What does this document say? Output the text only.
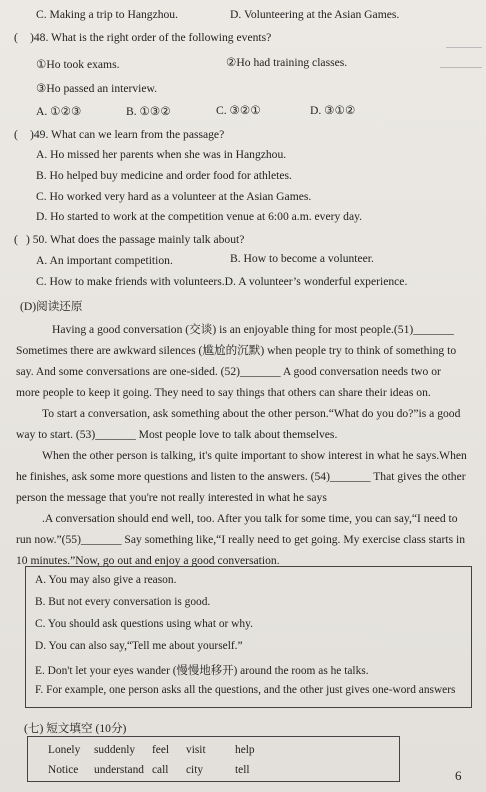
C. Making a trip to Hangzhou.	D. Volunteering at the Asian Games.
( )48. What is the right order of the following events?
①Ho took exams.	②Ho had training classes.
③Ho passed an interview.
A. ①②③	B. ①③②	C. ③②①	D. ③①②
( )49. What can we learn from the passage?
A. Ho missed her parents when she was in Hangzhou.
B. Ho helped buy medicine and order food for athletes.
C. Ho worked very hard as a volunteer at the Asian Games.
D. Ho started to work at the competition venue at 6:00 a.m. every day.
( ) 50. What does the passage mainly talk about?
A. An important competition.	B. How to become a volunteer.
C. How to make friends with volunteers.D. A volunteer’s wonderful experience.
(D)阅读还原
Having a good conversation (交谈) is an enjoyable thing for most people.(51)_______
Sometimes there are awkward silences (尴尬的沉默) when people try to think of something to
say. And some conversations are one-sided. (52)_______ A good conversation needs two or
more people to keep it going. They need to say things that others can share their ideas on.
To start a conversation, ask something about the other person.“What do you do?”is a good
way to start. (53)_______ Most people love to talk about themselves.
When the other person is talking, it's quite important to show interest in what he says.When
he finishes, ask some more questions and listen to the answers. (54)_______ That gives the other
person the message that you're not really interested in what he says
.A conversation should end well, too. After you talk for some time, you can say,“I need to
run now.”(55)_______ Say something like,“I really need to get going. My exercise class starts in
10 minutes.”Now, go out and enjoy a good conversation.
A. You may also give a reason.
B. But not every conversation is good.
C. You should ask questions using what or why.
D. You can also say,“Tell me about yourself.”
E. Don't let your eyes wander (慢慢地移开) around the room as he talks.
F. For example, one person asks all the questions, and the other just gives one-word answers
(七) 短文填空 (10分)
Lonely suddenly feel visit	help
Notice understand call city	tell	6
